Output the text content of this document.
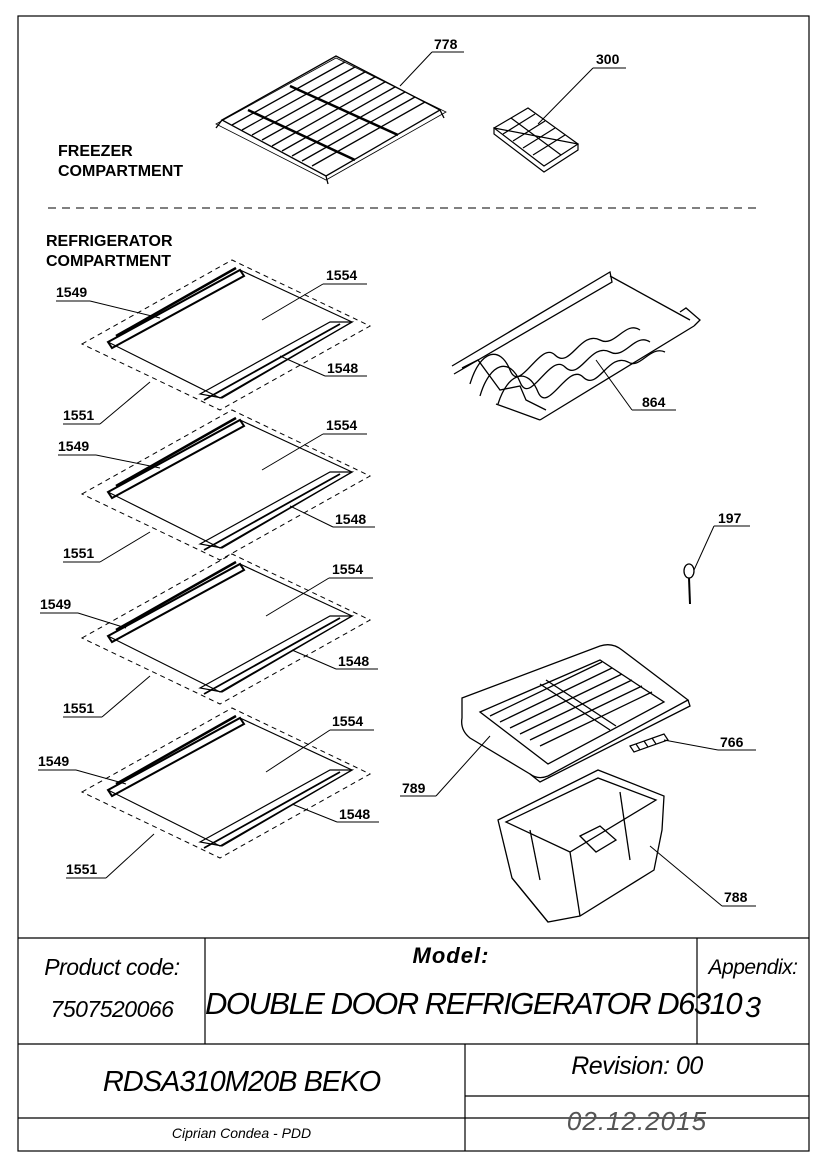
778
300
1554
1549
1548
1551
1554
1549
1548
1551
1554
1549
1548
1551
1554
1549
1548
1551
864
197
766
789
788
FREEZER
COMPARTMENT
REFRIGERATOR
COMPARTMENT
Product code:
7507520066
Model:
DOUBLE DOOR REFRIGERATOR D6310
Appendix:
3
RDSA310M20B BEKO	Revision: 00
Ciprian Condea - PDD	02.12.2015
